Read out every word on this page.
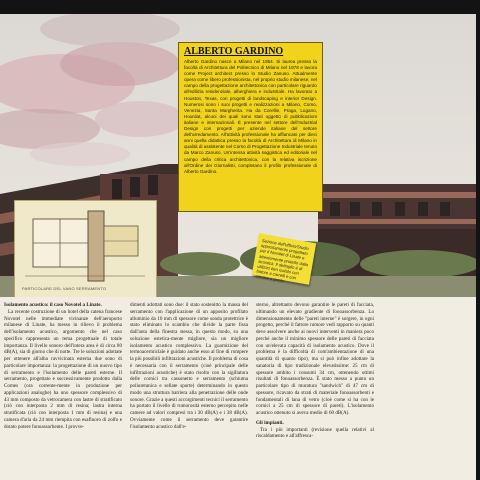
PARTICOLARE DEL VANO SERRAMENTO
ALBERTO GARDINO

Alberto Gardino nasce a Milano nel 1954. Si laurea presso la facoltà di Architettura del Politecnico di Milano nel 1978 e lavora come Project architect presso lo Studio Zanuso. Attualmente opera come libero professionista, nel proprio studio milanese, nel campo della progettazione architettonica con particolare riguardo all'edilizia residenziale, alberghiera e industriale. Ha lavorato a Houston, Texas, con progetti di landscaping e interior Design. Numerosi sono i suoi progetti e realizzazioni a Milano, Como, Venezia, Santa Margherita. Ha da Corellie, Praga, Lugano, Hourdat, alcuni dei quali sono stati oggetto di pubblicazioni italiane e internazionali. È presente nel settore dell'Industrial Design con progetti per aziende italiane del settore dell'arredamento. All'attività professionale ha affiancato per dieci anni quella didattica presso la facoltà di Architettura di Milano in qualità di assistente nel Corso di Progettazione Industriale tenuto da Marco Zanuso. Un'intensa attività saggistica ed editoriale nel campo della critica architettonica, con la relativa iscrizione all'Ordine dei Giornalisti, completano il profilo professionale di Alberto Gardino.

Sezione dell'ufficio/Studio appositamente progettato per il Novatel di Linate e attentamente protetto dalla acustica. Il dettaglio è di utilizzo ben isolato con fattore a carrelli e con cornice a punto.

Isolamento acustico: il caso Novotel a Linate.

La recente costruzione di un hotel della catena francese Novotel nelle immediate vicinanze dell'aeroporto milanese di Linate, ha messo in rilievo il problema dell'isolamento acustico, argomento che nel caso specifico rappresenta un tema progettuale di totale importanza. Il livello sonoro dell'intera area è di circa 80 dB(A), sia di giorno che di notte. Tre le soluzioni adottate per ottenere all'alba ravvicinata esterna due sono di particolare importanza: la progettazione di un nuovo tipo di serramento e l'isolamento delle pareti esterne. Il serramento, progettato e successivamente prodotto dalla Comes (ora corrente-mente in produzione per applicazioni analoghe) ha uno spessore complessivo di 43 mm composto da vetrocamera con lastre di stratificato (ciò con interposta 2 mm di resina; lastra interna stratificata (ciò con interposta 1 mm di resina) e una camera d'aria da 24 mm riempita con esafluoro di zolfo e dotato potere fonoassorbente. I provve-

dimenti adottati sono due: il stato sostenitto la massa del serramento con l'applicazione di un apposito profilato alluminio da 10 mm di spessore come sonda protettrice è stato eliminato lo scambio che divide la parte fissa dall'anta della finestra stessa, in questo modo, su una soluzione estetica-mente migliore, sia un migliore isolamento acustico complessivo. La guarnizione del termoacermiclale è guidato anche esso al fine di rompere la più possibili infiltrazioni acustiche. Il problema di cosa è necessaria con il serramento (cioè principale delle infiltrazioni acustiche) è stato risolto con la sigillatura delle cornici tra cassonetto e serramento (schiuma poliuretanica e sellate sporte) determinando in questo modo una struttura barriera alla penetrazione delle onde sonore. Grazie a questi accorgimenti tecnici il serramento ha portato il livello di rumorosità esterno percepito nelle camere ad valori compresi tra i 30 dB(A) e i 38 dB(A). Ovviamente come il serramento deve garantire l'isolamento acustico dall'e-

sterno, altrettanto devono garantire le pareti di facciata, ultimando un elevato gradiente di fonoassorbenza. Lo dimensionamento delle "pareti interne" è sorgere, in ogni progetto, perché il fattore rumore vedi rapporto su quanti deve assolvere anche ai nuovi interventi in maniera poco perché anche il minimo spessore delle pareti di facciata con un'elevata capacità di isolamento acustico. Dove il problema è la difficoltà di com'ambientazione di una quantità di quanto tipo), ma si può infine adottare la sanatoria di tipo tradizionale elevatissime: 25 cm di spessore ambito i consumi 34 cm, ottenendo ottimi risultati di fonoassorbenza. È stato messo a punto un particolare tipo di muratura "sandwich" di 47 cm di spessore, ricavato da strati di materiale fonoassorbenti e fondamentali di lana di vetro (cioè come si ha con le cornici a 25 cm di spessore di pareti). L'isolamento acustico ottenuto si aveva medio di 60 dB(A).

Gli impianti.

Tra i più importanti (revisione quella relativi al riscaldamento e all'affresca-
